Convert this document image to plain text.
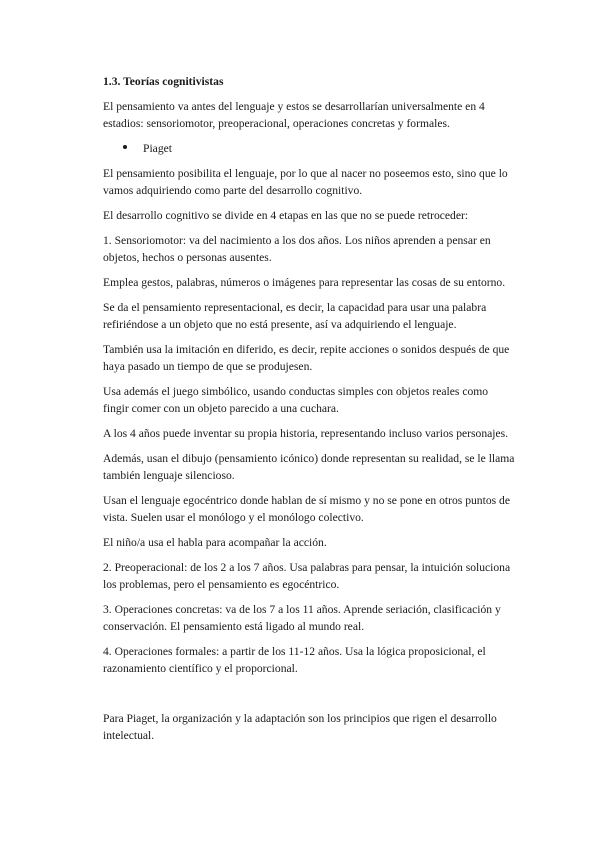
1.3. Teorías cognitivistas

El pensamiento va antes del lenguaje y estos se desarrollarían universalmente en 4 estadios: sensoriomotor, preoperacional, operaciones concretas y formales.

Piaget

El pensamiento posibilita el lenguaje, por lo que al nacer no poseemos esto, sino que lo vamos adquiriendo como parte del desarrollo cognitivo.

El desarrollo cognitivo se divide en 4 etapas en las que no se puede retroceder:

1. Sensoriomotor: va del nacimiento a los dos años. Los niños aprenden a pensar en objetos, hechos o personas ausentes.

Emplea gestos, palabras, números o imágenes para representar las cosas de su entorno.

Se da el pensamiento representacional, es decir, la capacidad para usar una palabra refiriéndose a un objeto que no está presente, así va adquiriendo el lenguaje.

También usa la imitación en diferido, es decir, repite acciones o sonidos después de que haya pasado un tiempo de que se produjesen.

Usa además el juego simbólico, usando conductas simples con objetos reales como fingir comer con un objeto parecido a una cuchara.

A los 4 años puede inventar su propia historia, representando incluso varios personajes.

Además, usan el dibujo (pensamiento icónico) donde representan su realidad, se le llama también lenguaje silencioso.

Usan el lenguaje egocéntrico donde hablan de sí mismo y no se pone en otros puntos de vista. Suelen usar el monólogo y el monólogo colectivo.

El niño/a usa el habla para acompañar la acción.

2. Preoperacional: de los 2 a los 7 años. Usa palabras para pensar, la intuición soluciona los problemas, pero el pensamiento es egocéntrico.

3. Operaciones concretas: va de los 7 a los 11 años. Aprende seriación, clasificación y conservación. El pensamiento está ligado al mundo real.

4. Operaciones formales: a partir de los 11-12 años. Usa la lógica proposicional, el razonamiento científico y el proporcional.

Para Piaget, la organización y la adaptación son los principios que rigen el desarrollo intelectual.
